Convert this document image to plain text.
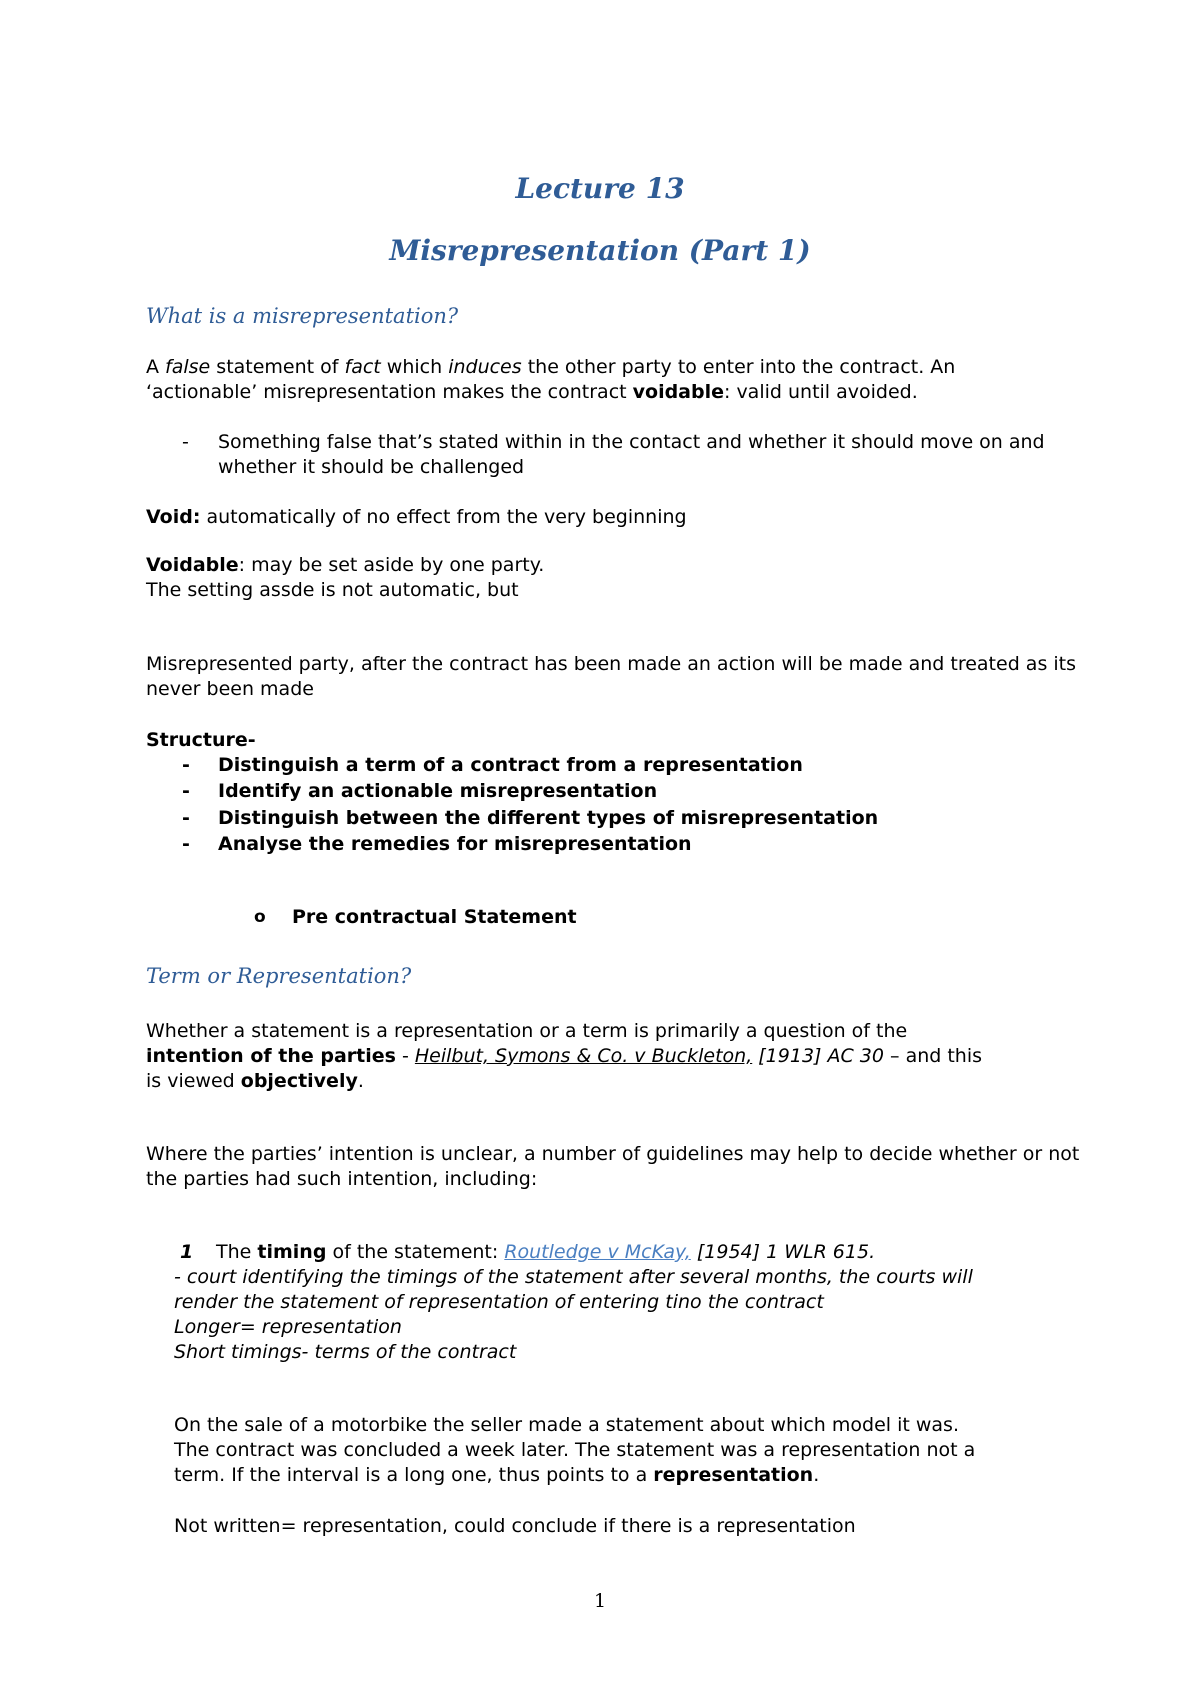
Lecture 13
Misrepresentation (Part 1)
What is a misrepresentation?

A false statement of fact which induces the other party to enter into the contract. An
‘actionable’ misrepresentation makes the contract voidable: valid until avoided.

- Something false that’s stated within in the contact and whether it should move on and whether it should be challenged

Void: automatically of no effect from the very beginning

Voidable: may be set aside by one party.
The setting assde is not automatic, but

Misrepresented party, after the contract has been made an action will be made and treated as its never been made

Structure-

- Distinguish a term of a contract from a representation
- Identify an actionable misrepresentation
- Distinguish between the different types of misrepresentation
- Analyse the remedies for misrepresentation
o Pre contractual Statement
Term or Representation?

Whether a statement is a representation or a term is primarily a question of the
intention of the parties - Heilbut, Symons & Co. v Buckleton, [1913] AC 30 – and this
is viewed objectively.

Where the parties’ intention is unclear, a number of guidelines may help to decide whether or not the parties had such intention, including:

1 The timing of the statement: Routledge v McKay, [1954] 1 WLR 615.

- court identifying the timings of the statement after several months, the courts will
render the statement of representation of entering tino the contract
Longer= representation
Short timings- terms of the contract

On the sale of a motorbike the seller made a statement about which model it was.
The contract was concluded a week later. The statement was a representation not a
term. If the interval is a long one, thus points to a representation.

Not written= representation, could conclude if there is a representation

1
